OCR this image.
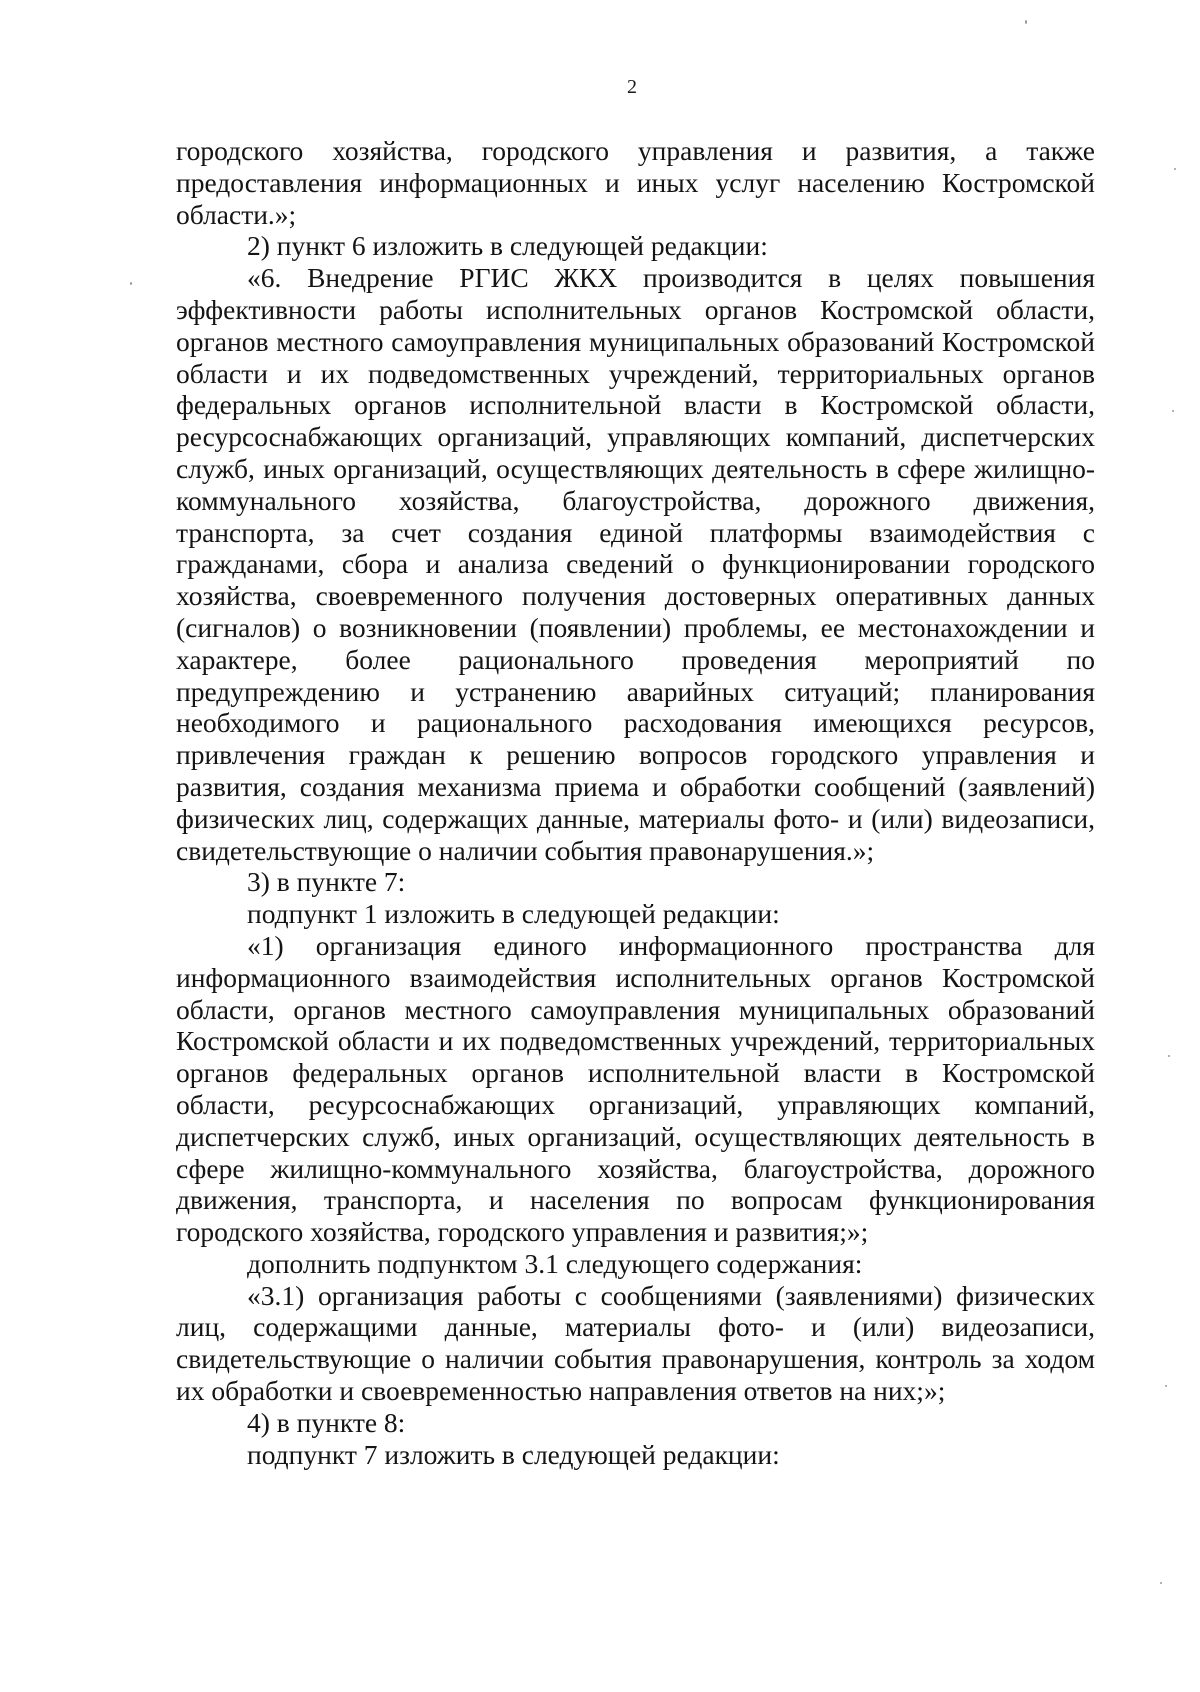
2

городского хозяйства, городского управления и развития, а также предоставления информационных и иных услуг населению Костромской области.»;

2) пункт 6 изложить в следующей редакции:

«6. Внедрение РГИС ЖКХ производится в целях повышения эффективности работы исполнительных органов Костромской области, органов местного самоуправления муниципальных образований Костромской области и их подведомственных учреждений, территориальных органов федеральных органов исполнительной власти в Костромской области, ресурсоснабжающих организаций, управляющих компаний, диспетчерских служб, иных организаций, осуществляющих деятельность в сфере жилищно-коммунального хозяйства, благоустройства, дорожного движения, транспорта, за счет создания единой платформы взаимодействия с гражданами, сбора и анализа сведений о функционировании городского хозяйства, своевременного получения достоверных оперативных данных (сигналов) о возникновении (появлении) проблемы, ее местонахождении и характере, более рационального проведения мероприятий по предупреждению и устранению аварийных ситуаций; планирования необходимого и рационального расходования имеющихся ресурсов, привлечения граждан к решению вопросов городского управления и развития, создания механизма приема и обработки сообщений (заявлений) физических лиц, содержащих данные, материалы фото- и (или) видеозаписи, свидетельствующие о наличии события правонарушения.»;

3) в пункте 7:

подпункт 1 изложить в следующей редакции:

«1) организация единого информационного пространства для информационного взаимодействия исполнительных органов Костромской области, органов местного самоуправления муниципальных образований Костромской области и их подведомственных учреждений, территориальных органов федеральных органов исполнительной власти в Костромской области, ресурсоснабжающих организаций, управляющих компаний, диспетчерских служб, иных организаций, осуществляющих деятельность в сфере жилищно-коммунального хозяйства, благоустройства, дорожного движения, транспорта, и населения по вопросам функционирования городского хозяйства, городского управления и развития;»;

дополнить подпунктом 3.1 следующего содержания:

«3.1) организация работы с сообщениями (заявлениями) физических лиц, содержащими данные, материалы фото- и (или) видеозаписи, свидетельствующие о наличии события правонарушения, контроль за ходом их обработки и своевременностью направления ответов на них;»;

4) в пункте 8:

подпункт 7 изложить в следующей редакции:
